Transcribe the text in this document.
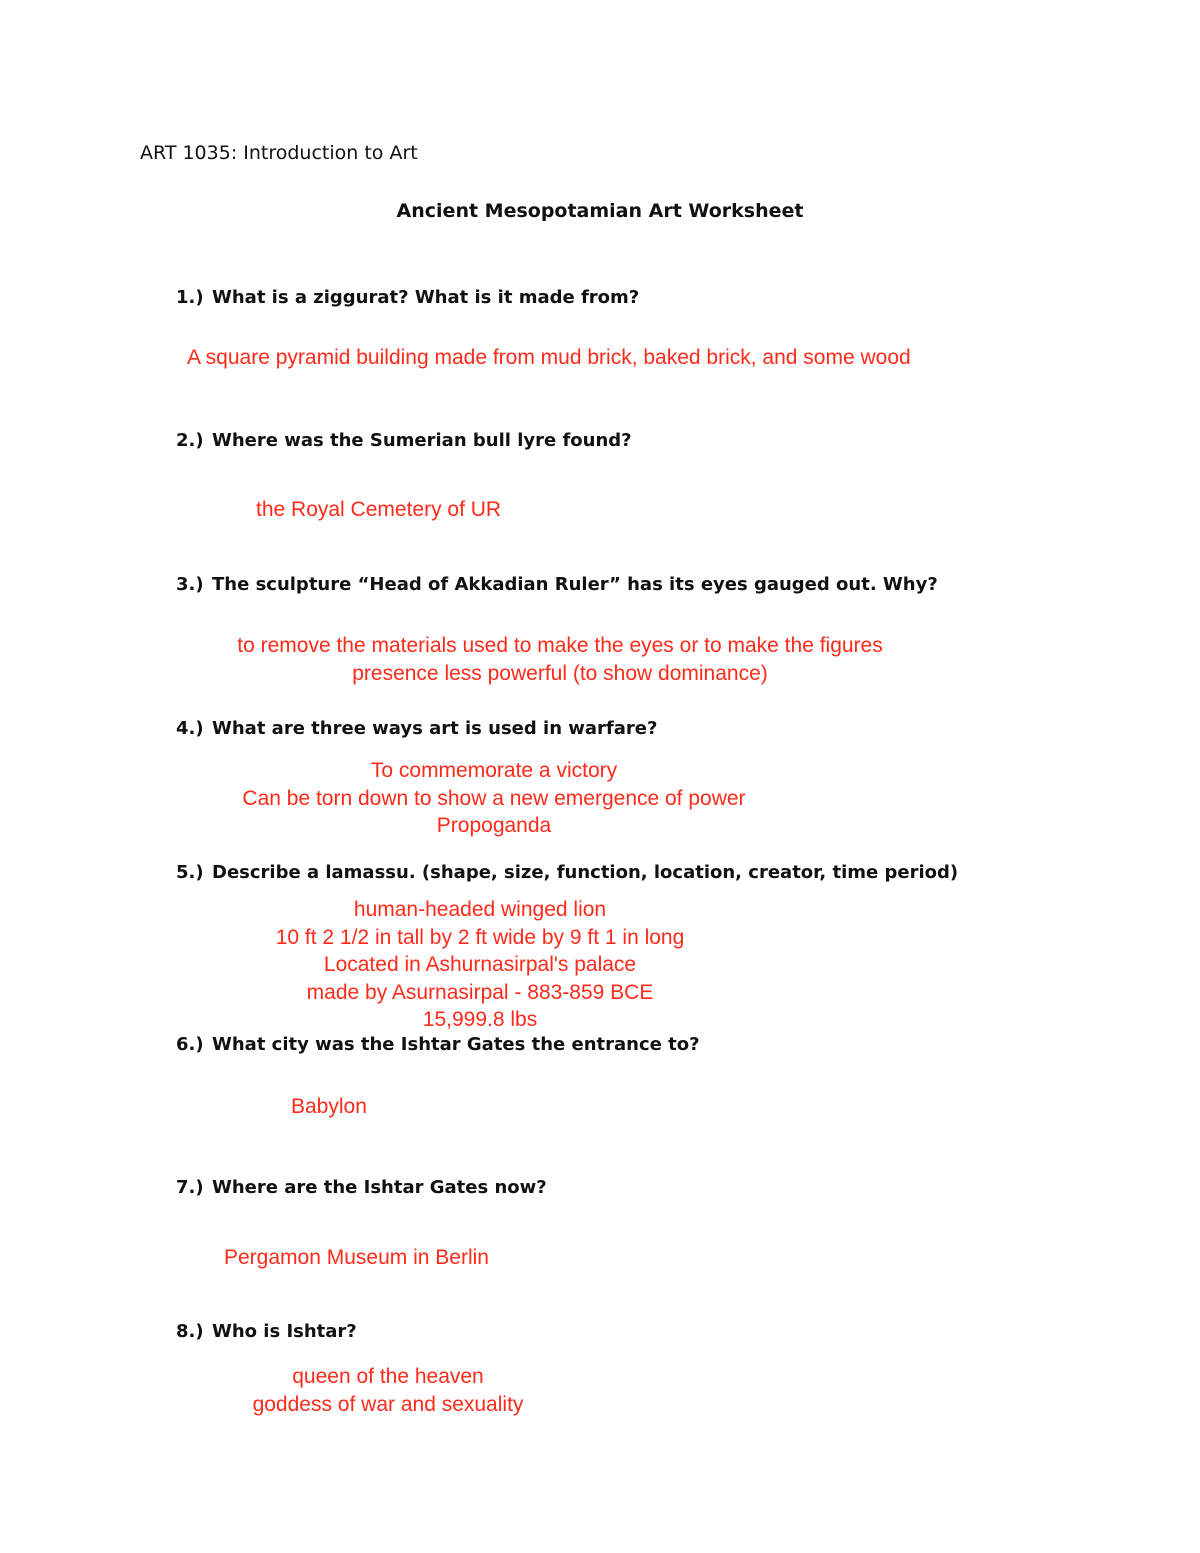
ART 1035: Introduction to Art
Ancient Mesopotamian Art Worksheet
1.) What is a ziggurat? What is it made from?
A square pyramid building made from mud brick, baked brick, and some wood
2.) Where was the Sumerian bull lyre found?
the Royal Cemetery of UR
3.) The sculpture “Head of Akkadian Ruler” has its eyes gauged out. Why?
to remove the materials used to make the eyes or to make the figures
presence less powerful (to show dominance)
4.) What are three ways art is used in warfare?
To commemorate a victory
Can be torn down to show a new emergence of power
Propoganda
5.) Describe a lamassu. (shape, size, function, location, creator, time period)
human-headed winged lion
10 ft 2 1/2 in tall by 2 ft wide by 9 ft 1 in long
Located in Ashurnasirpal's palace
made by Asurnasirpal - 883-859 BCE
15,999.8 lbs
6.) What city was the Ishtar Gates the entrance to?
Babylon
7.) Where are the Ishtar Gates now?
Pergamon Museum in Berlin
8.) Who is Ishtar?
queen of the heaven
goddess of war and sexuality
